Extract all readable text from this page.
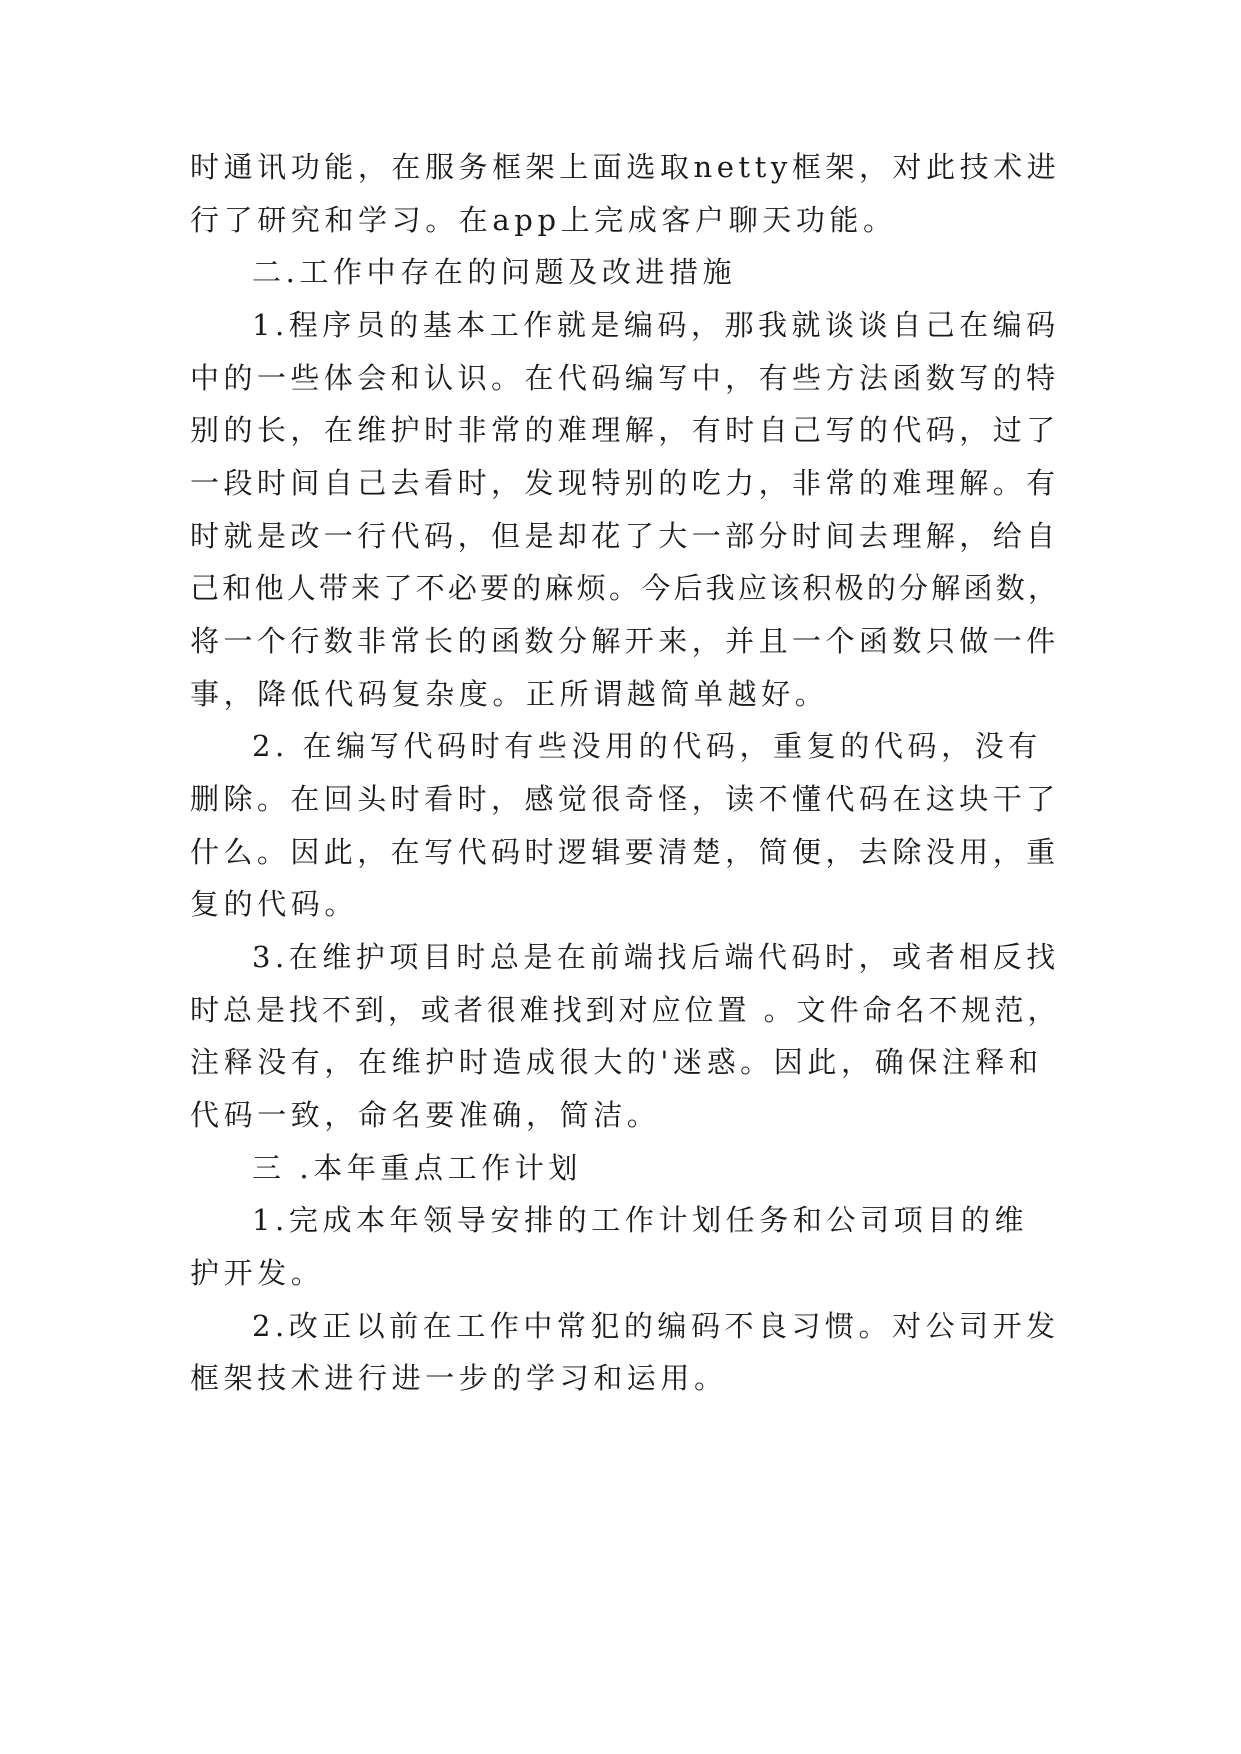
时通讯功能，在服务框架上面选取netty框架，对此技术进
行了研究和学习。在app上完成客户聊天功能。
二.工作中存在的问题及改进措施
1.程序员的基本工作就是编码，那我就谈谈自己在编码
中的一些体会和认识。在代码编写中，有些方法函数写的特
别的长，在维护时非常的难理解，有时自己写的代码，过了
一段时间自己去看时，发现特别的吃力，非常的难理解。有
时就是改一行代码，但是却花了大一部分时间去理解，给自
己和他人带来了不必要的麻烦。今后我应该积极的分解函数，
将一个行数非常长的函数分解开来，并且一个函数只做一件
事，降低代码复杂度。正所谓越简单越好。
2. 在编写代码时有些没用的代码，重复的代码，没有
删除。在回头时看时，感觉很奇怪，读不懂代码在这块干了
什么。因此，在写代码时逻辑要清楚，简便，去除没用，重
复的代码。
3.在维护项目时总是在前端找后端代码时，或者相反找
时总是找不到，或者很难找到对应位置 。文件命名不规范，
注释没有，在维护时造成很大的'迷惑。因此，确保注释和
代码一致，命名要准确，简洁。
三 .本年重点工作计划
1.完成本年领导安排的工作计划任务和公司项目的维
护开发。
2.改正以前在工作中常犯的编码不良习惯。对公司开发
框架技术进行进一步的学习和运用。
